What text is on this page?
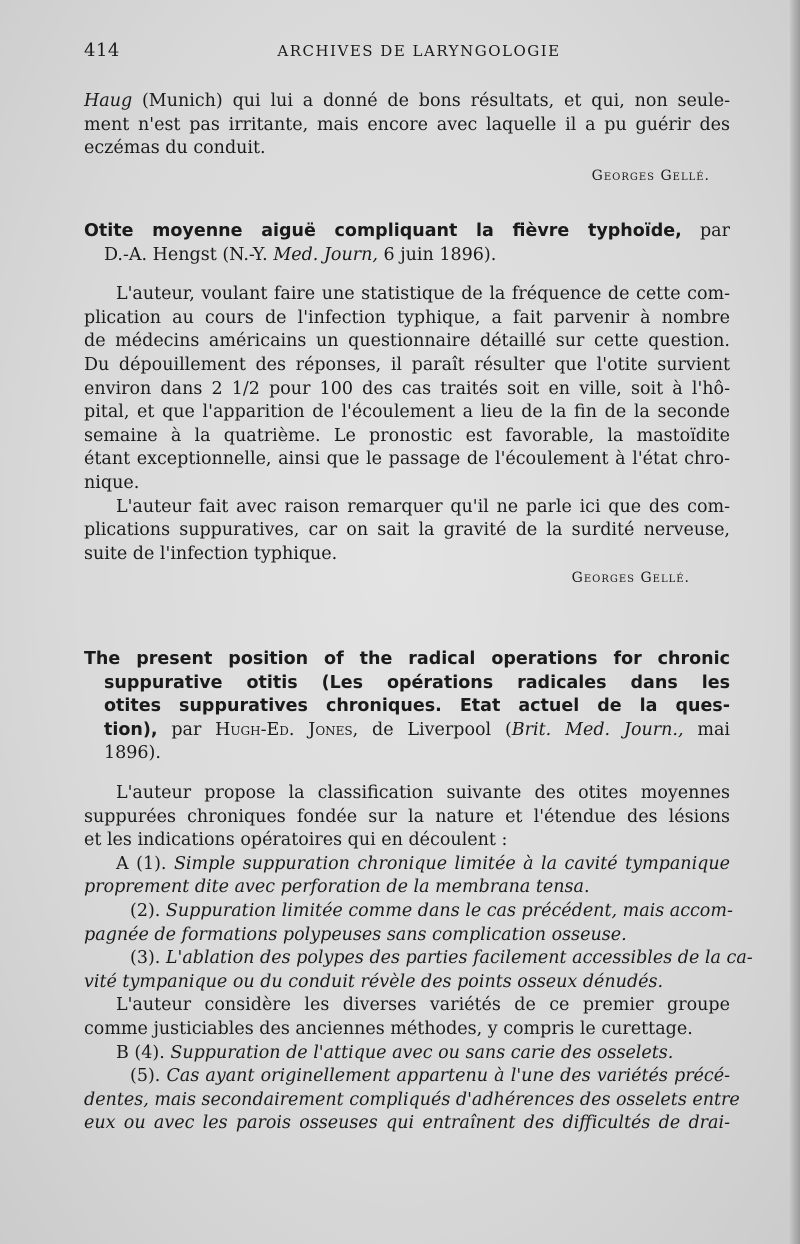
414	ARCHIVES DE LARYNGOLOGIE
Haug (Munich) qui lui a donné de bons résultats, et qui, non seule-
ment n'est pas irritante, mais encore avec laquelle il a pu guérir des
eczémas du conduit.
Georges Gellé.
Otite moyenne aiguë compliquant la fièvre typhoïde, par
D.-A. Hengst (N.-Y. Med. Journ, 6 juin 1896).
L'auteur, voulant faire une statistique de la fréquence de cette com-
plication au cours de l'infection typhique, a fait parvenir à nombre
de médecins américains un questionnaire détaillé sur cette question.
Du dépouillement des réponses, il paraît résulter que l'otite survient
environ dans 2 1/2 pour 100 des cas traités soit en ville, soit à l'hô-
pital, et que l'apparition de l'écoulement a lieu de la fin de la seconde
semaine à la quatrième. Le pronostic est favorable, la mastoïdite
étant exceptionnelle, ainsi que le passage de l'écoulement à l'état chro-
nique.
L'auteur fait avec raison remarquer qu'il ne parle ici que des com-
plications suppuratives, car on sait la gravité de la surdité nerveuse,
suite de l'infection typhique.
Georges Gellé.
The present position of the radical operations for chronic
suppurative otitis (Les opérations radicales dans les
otites suppuratives chroniques. Etat actuel de la ques-
tion), par Hugh-Ed. Jones, de Liverpool (Brit. Med. Journ., mai
1896).
L'auteur propose la classification suivante des otites moyennes
suppurées chroniques fondée sur la nature et l'étendue des lésions
et les indications opératoires qui en découlent :
A (1). Simple suppuration chronique limitée à la cavité tympanique
proprement dite avec perforation de la membrana tensa.
(2). Suppuration limitée comme dans le cas précédent, mais accom-
pagnée de formations polypeuses sans complication osseuse.
(3). L'ablation des polypes des parties facilement accessibles de la ca-
vité tympanique ou du conduit révèle des points osseux dénudés.
L'auteur considère les diverses variétés de ce premier groupe
comme justiciables des anciennes méthodes, y compris le curettage.
B (4). Suppuration de l'attique avec ou sans carie des osselets.
(5). Cas ayant originellement appartenu à l'une des variétés précé-
dentes, mais secondairement compliqués d'adhérences des osselets entre
eux ou avec les parois osseuses qui entraînent des difficultés de drai-
